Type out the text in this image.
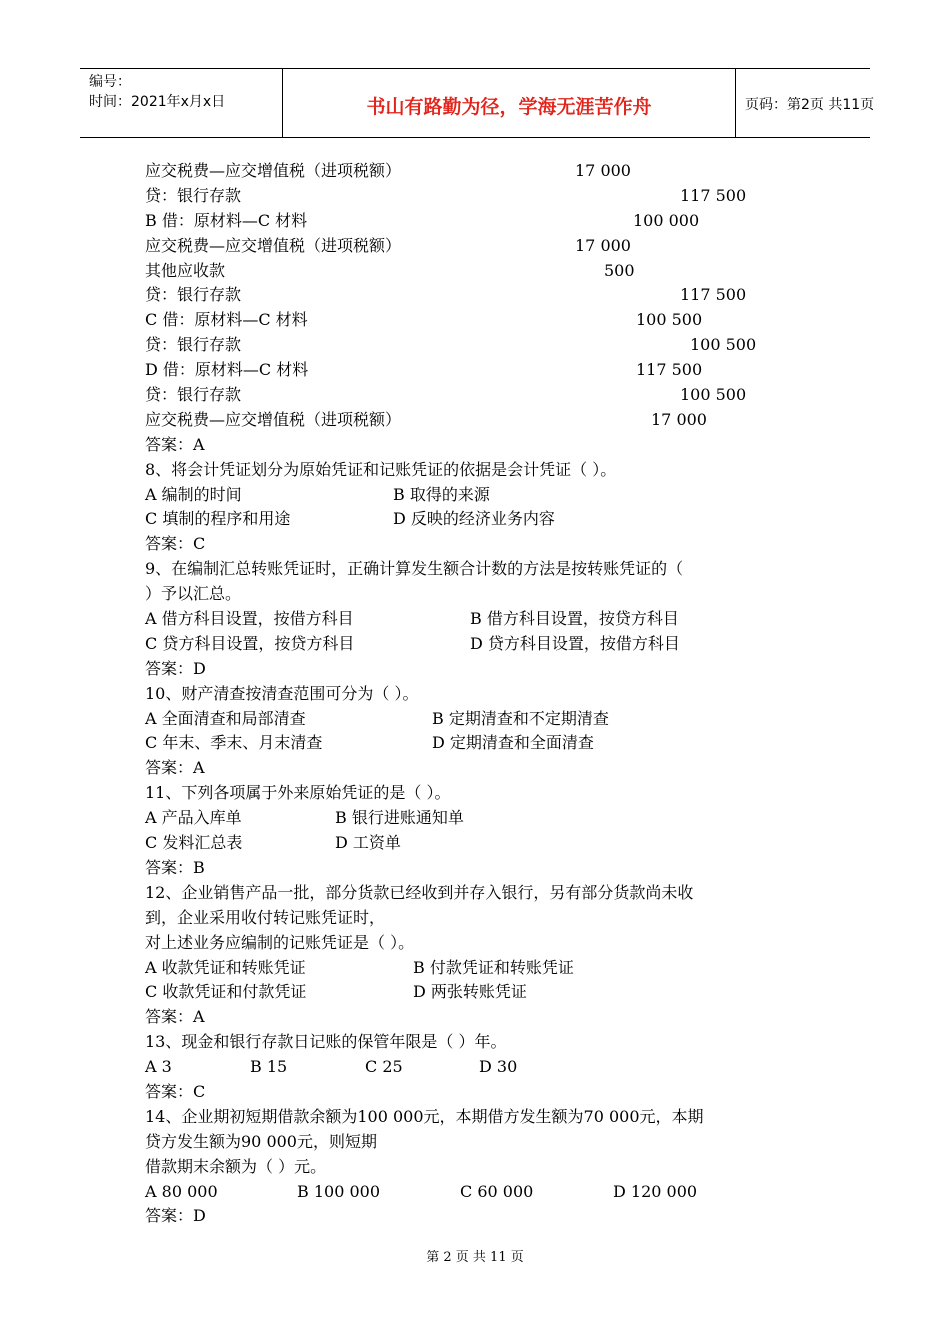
编号：
时间：2021年x月x日	书山有路勤为径，学海无涯苦作舟	页码：第2页 共11页
应交税费—应交增值税（进项税额）	17 000
贷：银行存款	117 500
B 借：原材料—C 材料	100 000
应交税费—应交增值税（进项税额）	17 000
其他应收款	500
贷：银行存款	117 500
C 借：原材料—C 材料	100 500
贷：银行存款	100 500
D 借：原材料—C 材料	117 500
贷：银行存款	100 500
应交税费—应交增值税（进项税额）	17 000
答案：A
8、将会计凭证划分为原始凭证和记账凭证的依据是会计凭证（ ）。
A 编制的时间	B 取得的来源
C 填制的程序和用途	D 反映的经济业务内容
答案：C
9、在编制汇总转账凭证时，正确计算发生额合计数的方法是按转账凭证的（
）予以汇总。
A 借方科目设置，按借方科目	B 借方科目设置，按贷方科目
C 贷方科目设置，按贷方科目	D 贷方科目设置，按借方科目
答案：D
10、财产清查按清查范围可分为（ ）。
A 全面清查和局部清查	B 定期清查和不定期清查
C 年末、季末、月末清查	D 定期清查和全面清查
答案：A
11、下列各项属于外来原始凭证的是（ ）。
A 产品入库单	B 银行进账通知单
C 发料汇总表	D 工资单
答案：B
12、企业销售产品一批，部分货款已经收到并存入银行，另有部分货款尚未收
到，企业采用收付转记账凭证时，
对上述业务应编制的记账凭证是（ ）。
A 收款凭证和转账凭证	B 付款凭证和转账凭证
C 收款凭证和付款凭证	D 两张转账凭证
答案：A
13、现金和银行存款日记账的保管年限是（ ）年。
A 3	B 15	C 25	D 30
答案：C
14、企业期初短期借款余额为100 000元，本期借方发生额为70 000元，本期
贷方发生额为90 000元，则短期
借款期末余额为（ ）元。
A 80 000	B 100 000	C 60 000	D 120 000
答案：D
第 2 页 共 11 页
